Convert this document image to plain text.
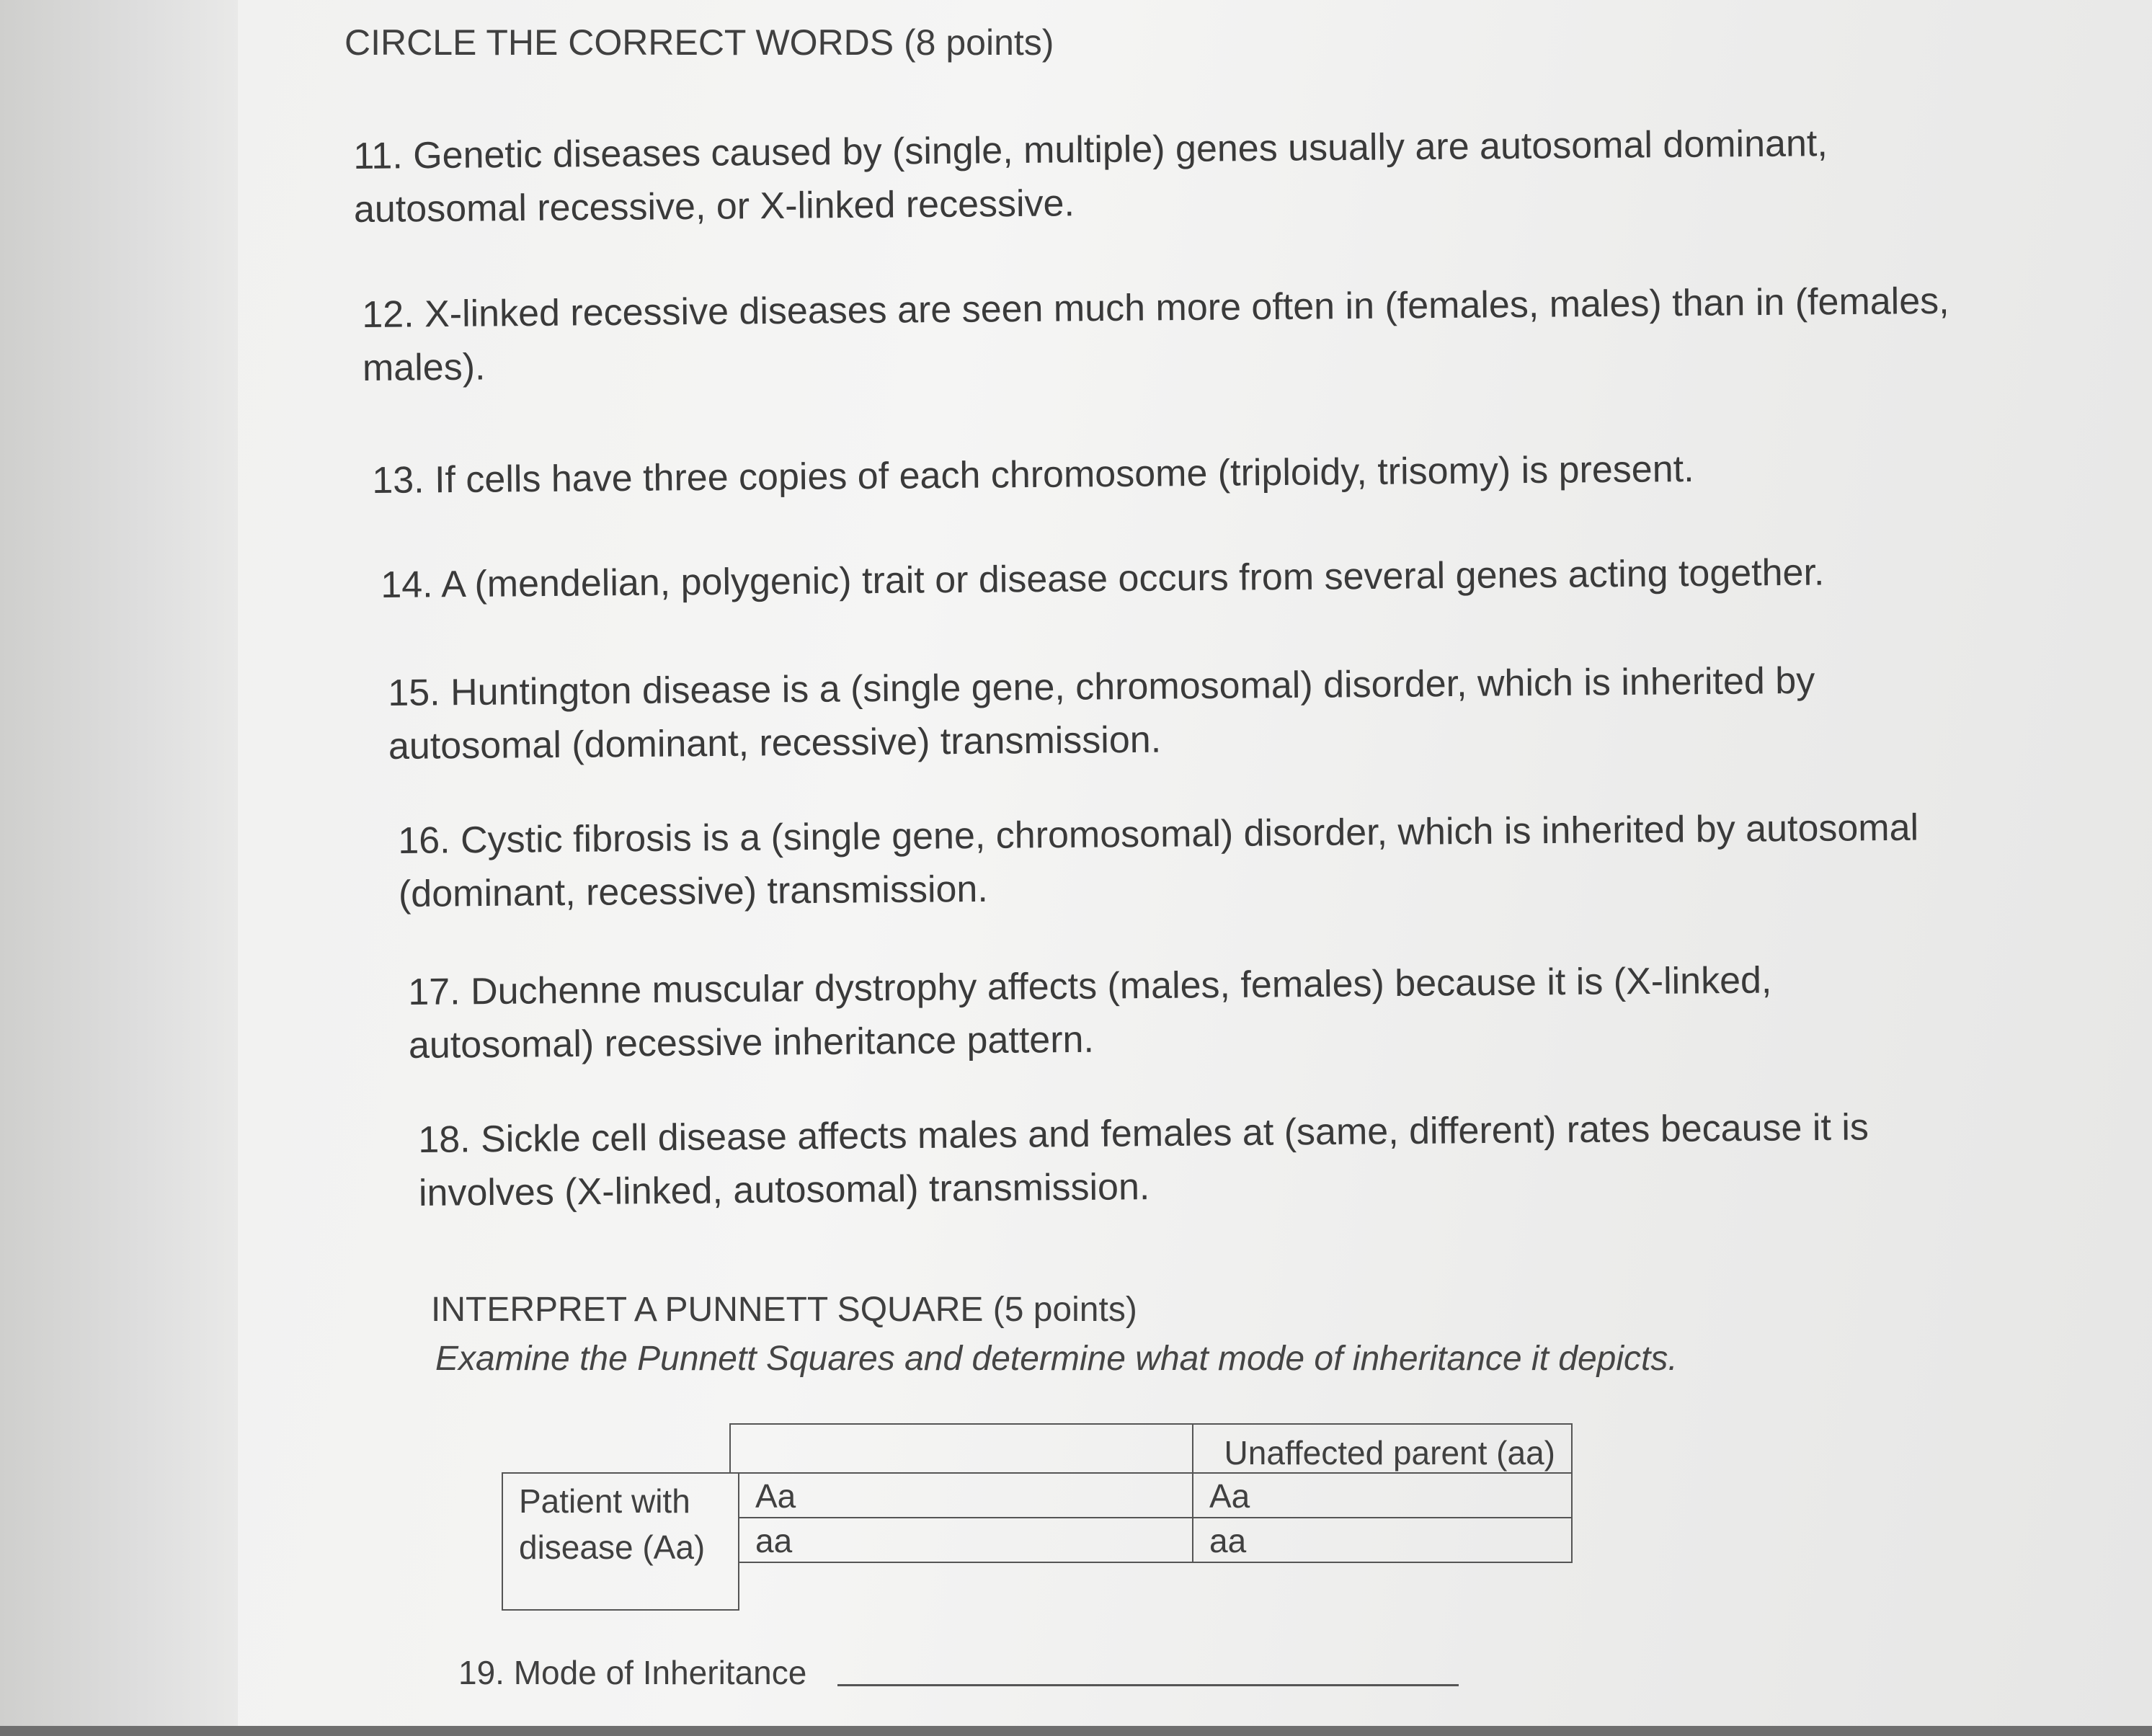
CIRCLE THE CORRECT WORDS (8 points)

11. Genetic diseases caused by (single, multiple) genes usually are autosomal dominant, autosomal recessive, or X-linked recessive.

12. X-linked recessive diseases are seen much more often in (females, males) than in (females, males).

13. If cells have three copies of each chromosome (triploidy, trisomy) is present.

14. A (mendelian, polygenic) trait or disease occurs from several genes acting together.

15. Huntington disease is a (single gene, chromosomal) disorder, which is inherited by autosomal (dominant, recessive) transmission.

16. Cystic fibrosis is a (single gene, chromosomal) disorder, which is inherited by autosomal (dominant, recessive) transmission.

17. Duchenne muscular dystrophy affects (males, females) because it is (X-linked, autosomal) recessive inheritance pattern.

18. Sickle cell disease affects males and females at (same, different) rates because it is involves (X-linked, autosomal) transmission.

INTERPRET A PUNNETT SQUARE (5 points)

Examine the Punnett Squares and determine what mode of inheritance it depicts.

Unaffected parent (aa)
Patient with disease (Aa)
Aa	Aa
aa	aa
19. Mode of Inheritance
